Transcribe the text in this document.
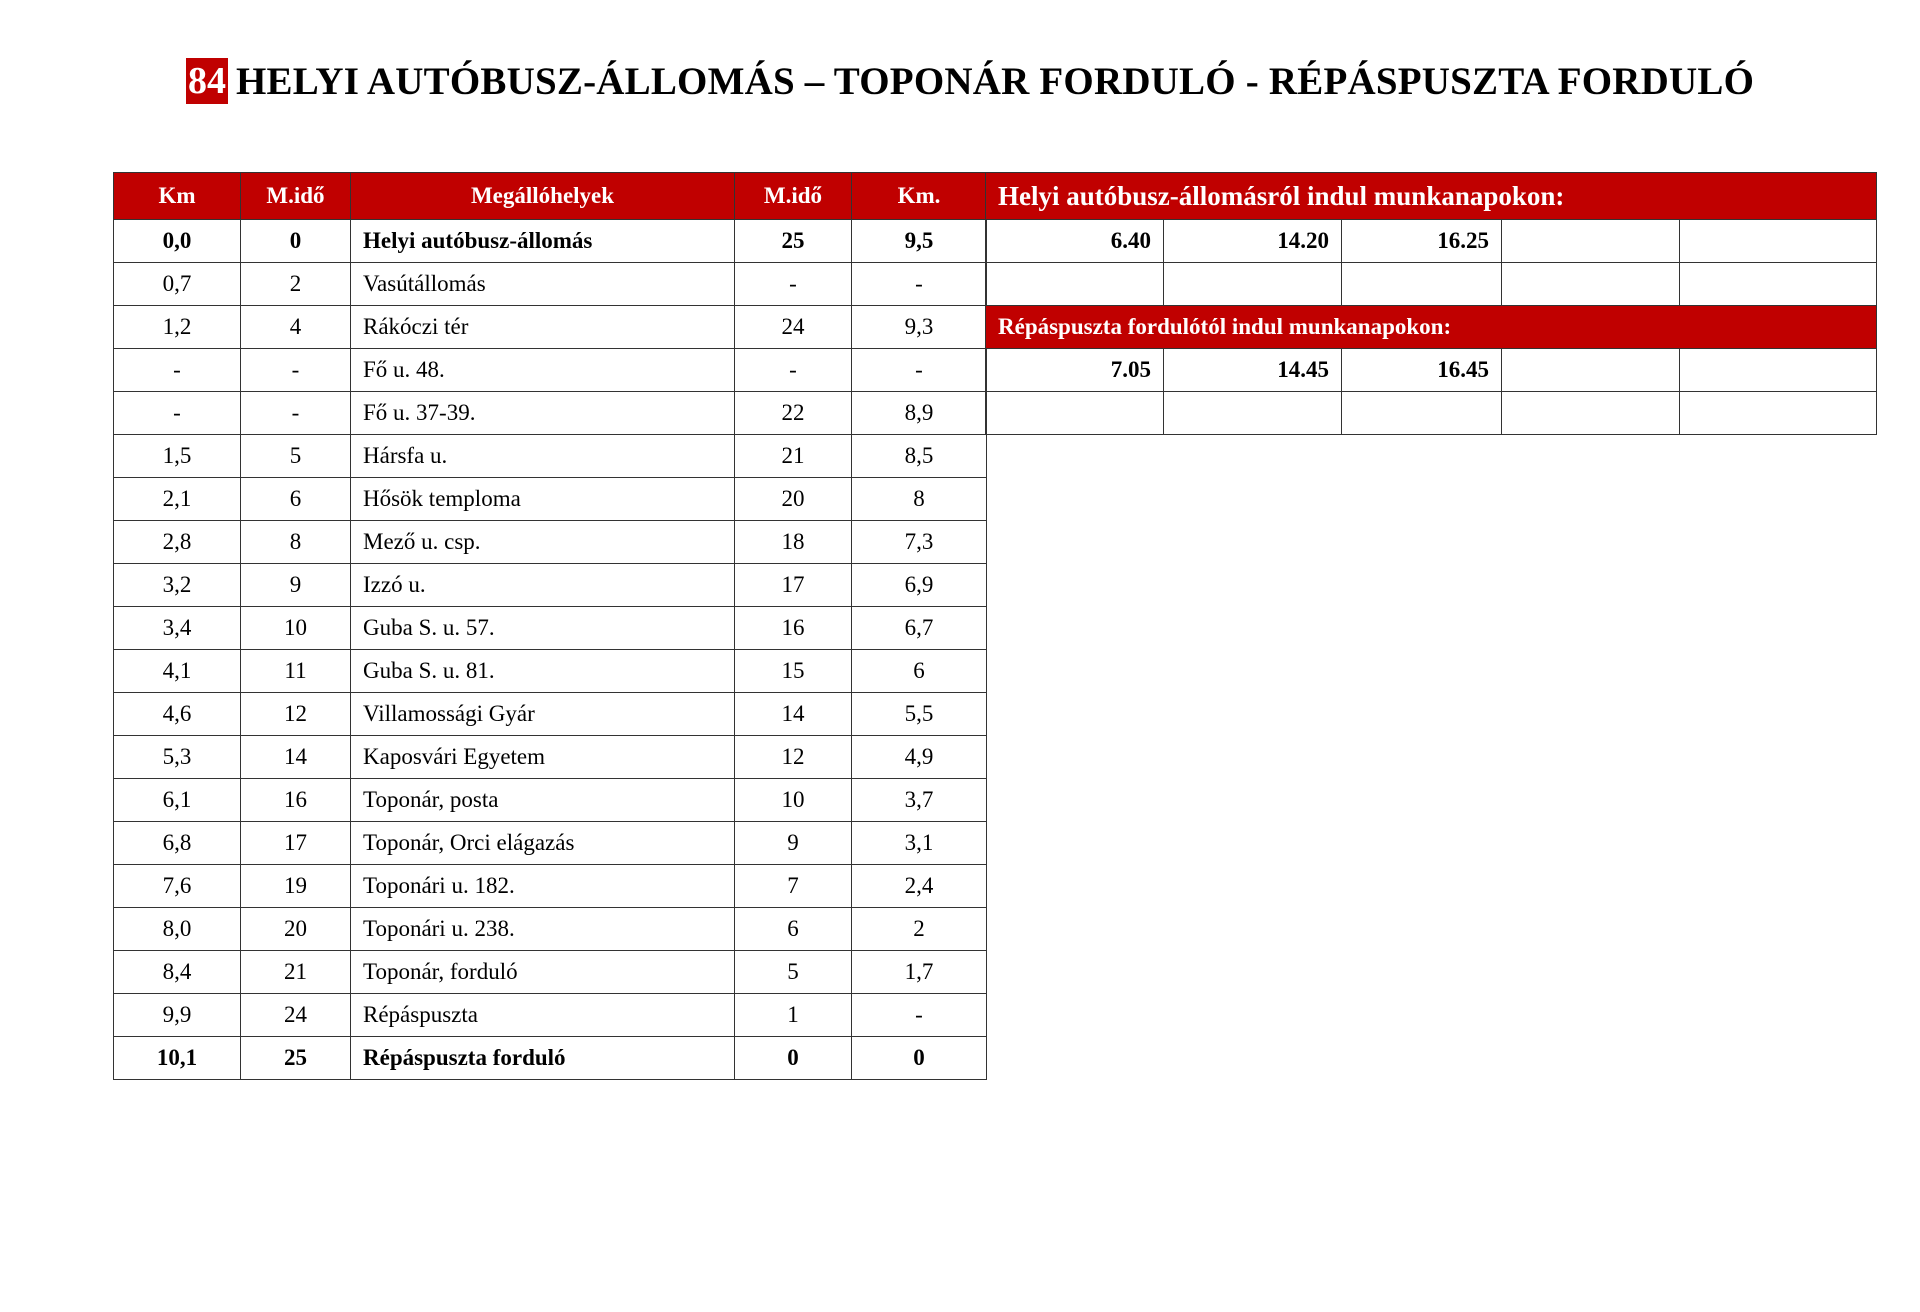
84 HELYI AUTÓBUSZ-ÁLLOMÁS – TOPONÁR FORDULÓ - RÉPÁSPUSZTA FORDULÓ
Km	M.idő	Megállóhelyek	M.idő	Km.
0,0	0	Helyi autóbusz-állomás	25	9,5
0,7	2	Vasútállomás	-	-
1,2	4	Rákóczi tér	24	9,3
-	-	Fő u. 48.	-	-
-	-	Fő u. 37-39.	22	8,9
1,5	5	Hársfa u.	21	8,5
2,1	6	Hősök temploma	20	8
2,8	8	Mező u. csp.	18	7,3
3,2	9	Izzó u.	17	6,9
3,4	10	Guba S. u. 57.	16	6,7
4,1	11	Guba S. u. 81.	15	6
4,6	12	Villamossági Gyár	14	5,5
5,3	14	Kaposvári Egyetem	12	4,9
6,1	16	Toponár, posta	10	3,7
6,8	17	Toponár, Orci elágazás	9	3,1
7,6	19	Toponári u. 182.	7	2,4
8,0	20	Toponári u. 238.	6	2
8,4	21	Toponár, forduló	5	1,7
9,9	24	Répáspuszta	1	-
10,1	25	Répáspuszta forduló	0	0
Helyi autóbusz-állomásról indul munkanapokon:				
6.40	14.20	16.25		

Répáspuszta fordulótól indul munkanapokon:				
7.05	14.45	16.45		
